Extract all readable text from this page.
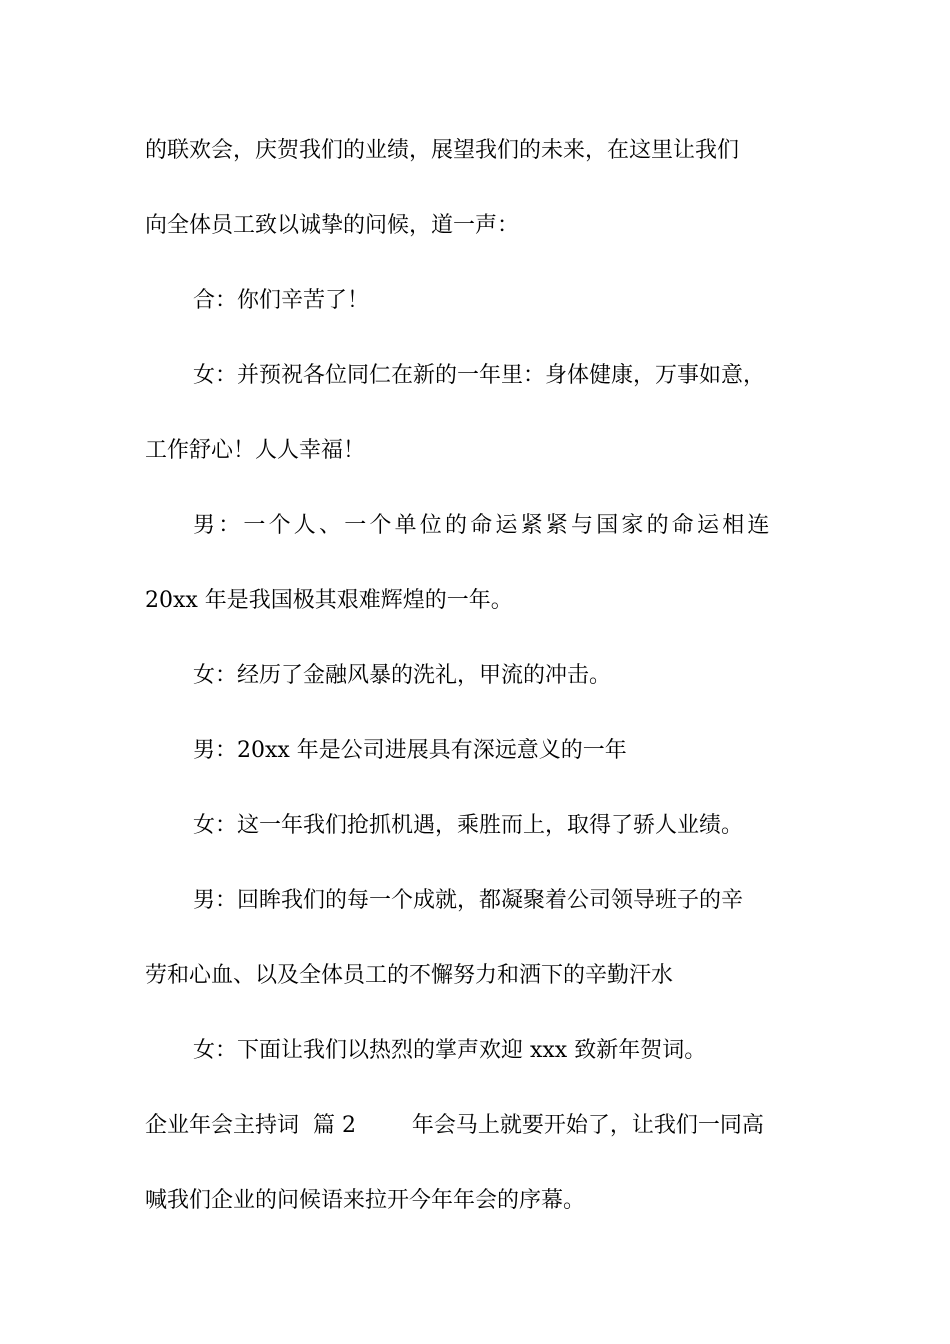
的联欢会，庆贺我们的业绩，展望我们的未来，在这里让我们
向全体员工致以诚挚的问候，道一声：
合：你们辛苦了！
女：并预祝各位同仁在新的一年里：身体健康，万事如意，
工作舒心！人人幸福！
男：一个人、一个单位的命运紧紧与国家的命运相连
20xx 年是我国极其艰难辉煌的一年。
女：经历了金融风暴的洗礼，甲流的冲击。
男：20xx 年是公司进展具有深远意义的一年
女：这一年我们抢抓机遇，乘胜而上，取得了骄人业绩。
男：回眸我们的每一个成就，都凝聚着公司领导班子的辛
劳和心血、以及全体员工的不懈努力和洒下的辛勤汗水
女：下面让我们以热烈的掌声欢迎 xxx 致新年贺词。
企业年会主持词  篇 2        年会马上就要开始了，让我们一同高
喊我们企业的问候语来拉开今年年会的序幕。
